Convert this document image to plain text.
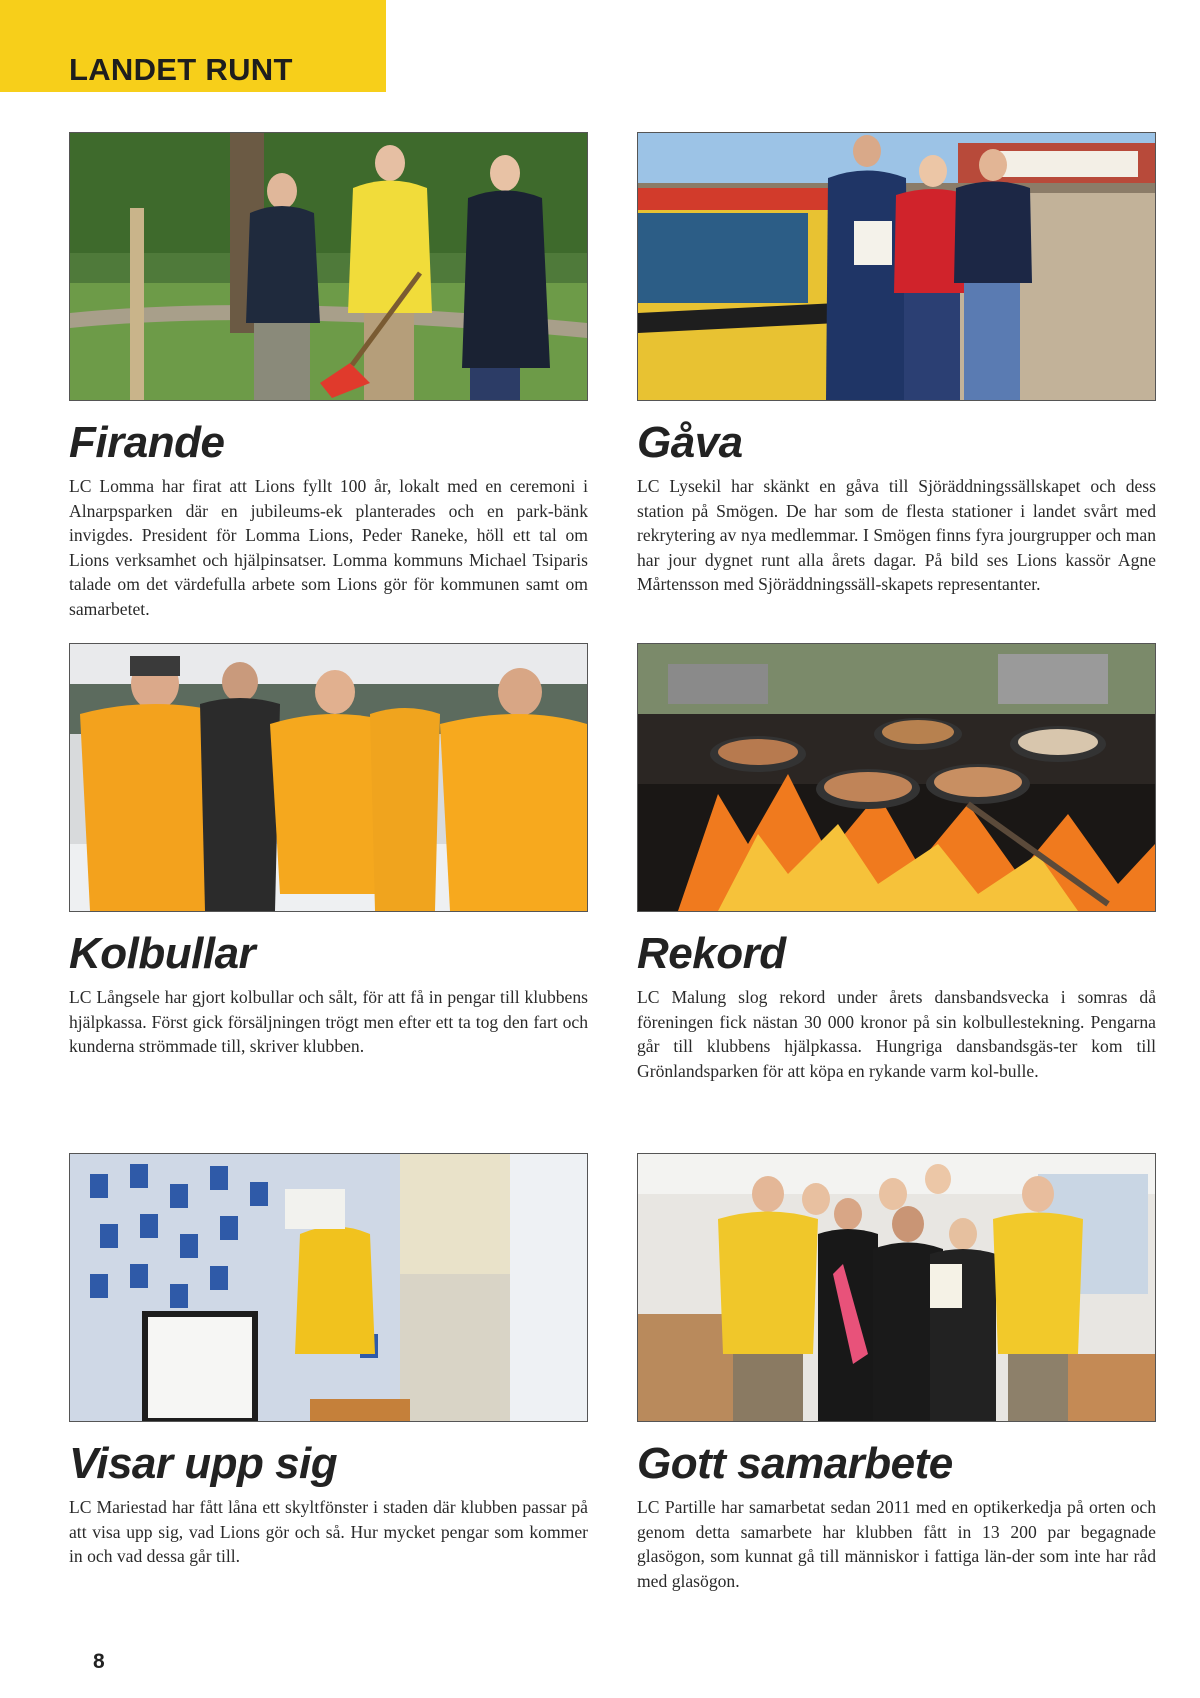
LANDET RUNT
Firande

LC Lomma har firat att Lions fyllt 100 år, lokalt med en ceremoni i Alnarpsparken där en jubileums-ek planterades och en park-bänk invigdes. President för Lomma Lions, Peder Raneke, höll ett tal om Lions verksamhet och hjälpinsatser. Lomma kommuns Michael Tsiparis talade om det värdefulla arbete som Lions gör för kommunen samt om samarbetet.

Gåva

LC Lysekil har skänkt en gåva till Sjöräddningssällskapet och dess station på Smögen. De har som de flesta stationer i landet svårt med rekrytering av nya medlemmar. I Smögen finns fyra jourgrupper och man har jour dygnet runt alla årets dagar. På bild ses Lions kassör Agne Mårtensson med Sjöräddningssäll-skapets representanter.

Kolbullar

LC Långsele har gjort kolbullar och sålt, för att få in pengar till klubbens hjälpkassa. Först gick försäljningen trögt men efter ett ta tog den fart och kunderna strömmade till, skriver klubben.

Rekord

LC Malung slog rekord under årets dansbandsvecka i somras då föreningen fick nästan 30 000 kronor på sin kolbullestekning. Pengarna går till klubbens hjälpkassa. Hungriga dansbandsgäs-ter kom till Grönlandsparken för att köpa en rykande varm kol-bulle.

Visar upp sig

LC Mariestad har fått låna ett skyltfönster i staden där klubben passar på att visa upp sig, vad Lions gör och så. Hur mycket pengar som kommer in och vad dessa går till.

Gott samarbete

LC Partille har samarbetat sedan 2011 med en optikerkedja på orten och genom detta samarbete har klubben fått in 13 200 par begagnade glasögon, som kunnat gå till människor i fattiga län-der som inte har råd med glasögon.

8
